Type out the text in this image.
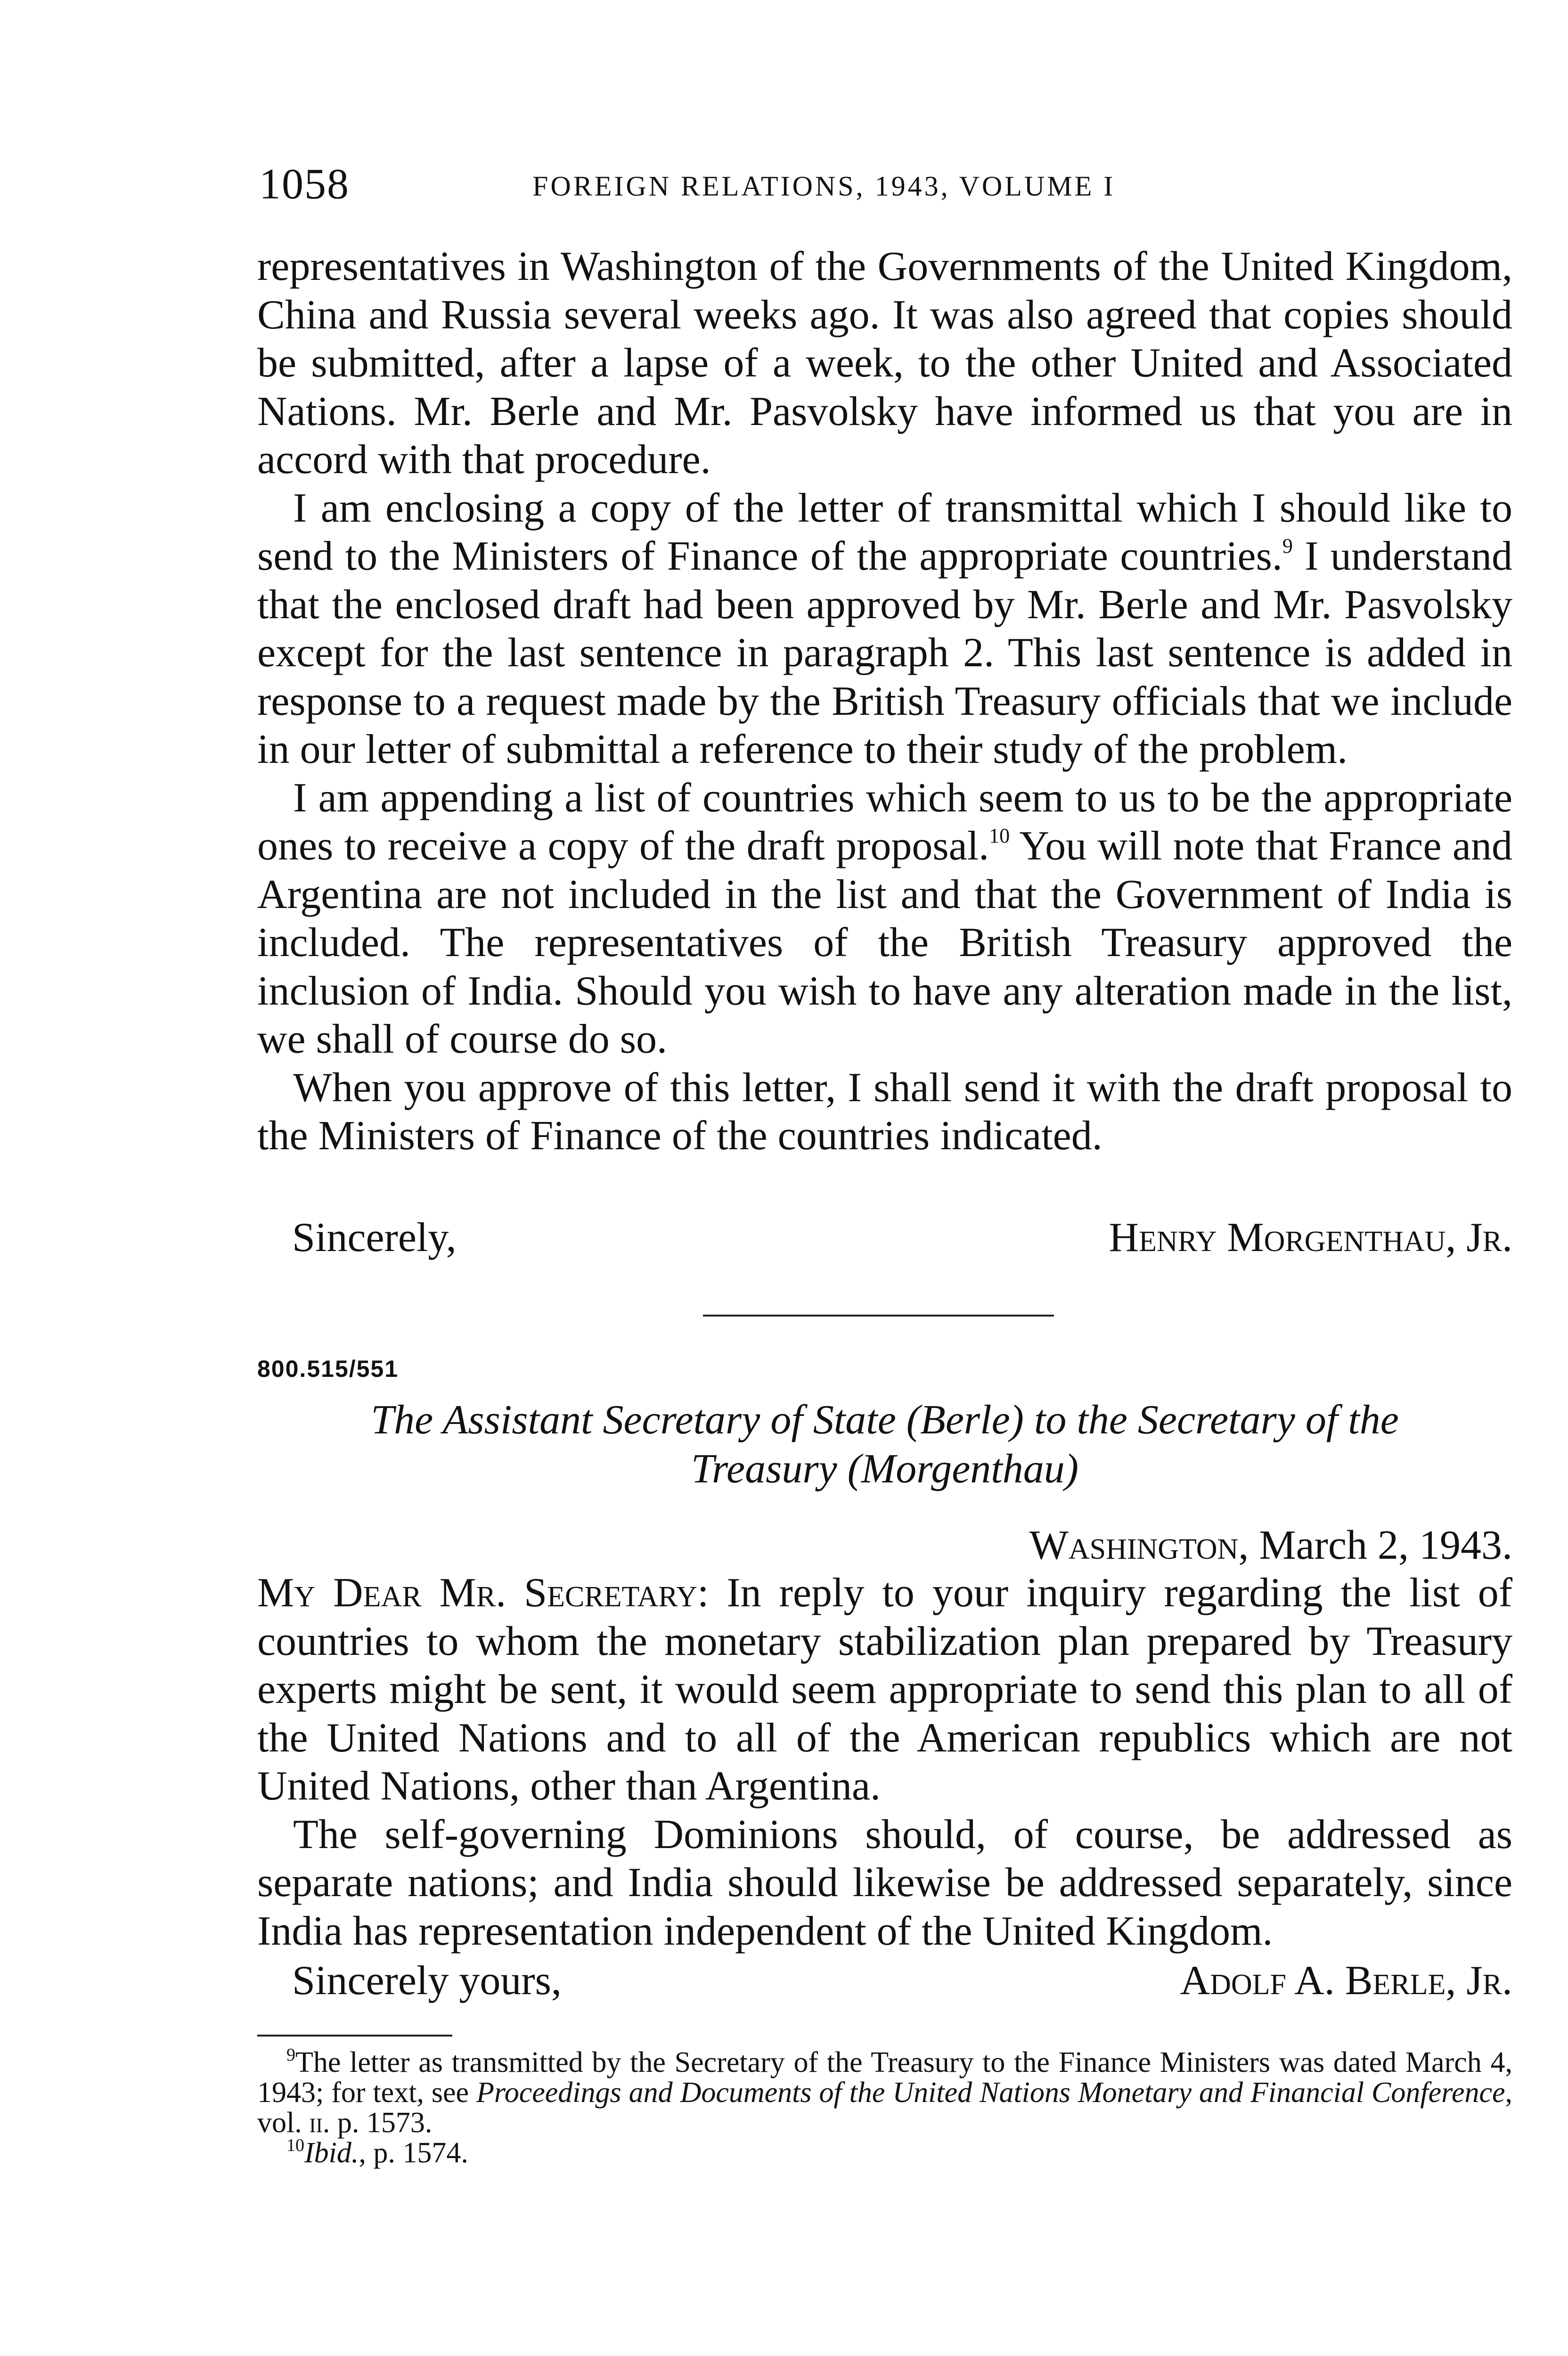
1058	FOREIGN RELATIONS, 1943, VOLUME I

representatives in Washington of the Governments of the United Kingdom, China and Russia several weeks ago. It was also agreed that copies should be submitted, after a lapse of a week, to the other United and Associated Nations. Mr. Berle and Mr. Pasvolsky have informed us that you are in accord with that procedure.

I am enclosing a copy of the letter of transmittal which I should like to send to the Ministers of Finance of the appropriate countries.$^9$ I understand that the enclosed draft had been approved by Mr. Berle and Mr. Pasvolsky except for the last sentence in paragraph 2. This last sentence is added in response to a request made by the British Treasury officials that we include in our letter of submittal a reference to their study of the problem.

I am appending a list of countries which seem to us to be the appropriate ones to receive a copy of the draft proposal.$^{10}$ You will note that France and Argentina are not included in the list and that the Government of India is included. The representatives of the British Treasury approved the inclusion of India. Should you wish to have any alteration made in the list, we shall of course do so.

When you approve of this letter, I shall send it with the draft proposal to the Ministers of Finance of the countries indicated.

Sincerely,	Henry Morgenthau, Jr.
800.515/551
The Assistant Secretary of State (Berle) to the Secretary of the
Treasury (Morgenthau)
Washington, March 2, 1943.

My Dear Mr. Secretary: In reply to your inquiry regarding the list of countries to whom the monetary stabilization plan prepared by Treasury experts might be sent, it would seem appropriate to send this plan to all of the United Nations and to all of the American republics which are not United Nations, other than Argentina.

The self-governing Dominions should, of course, be addressed as separate nations; and India should likewise be addressed separately, since India has representation independent of the United Kingdom.

Sincerely yours,	Adolf A. Berle, Jr.

$^9$The letter as transmitted by the Secretary of the Treasury to the Finance Ministers was dated March 4, 1943; for text, see Proceedings and Documents of the United Nations Monetary and Financial Conference, vol. ii. p. 1573.

$^{10}$Ibid., p. 1574.
